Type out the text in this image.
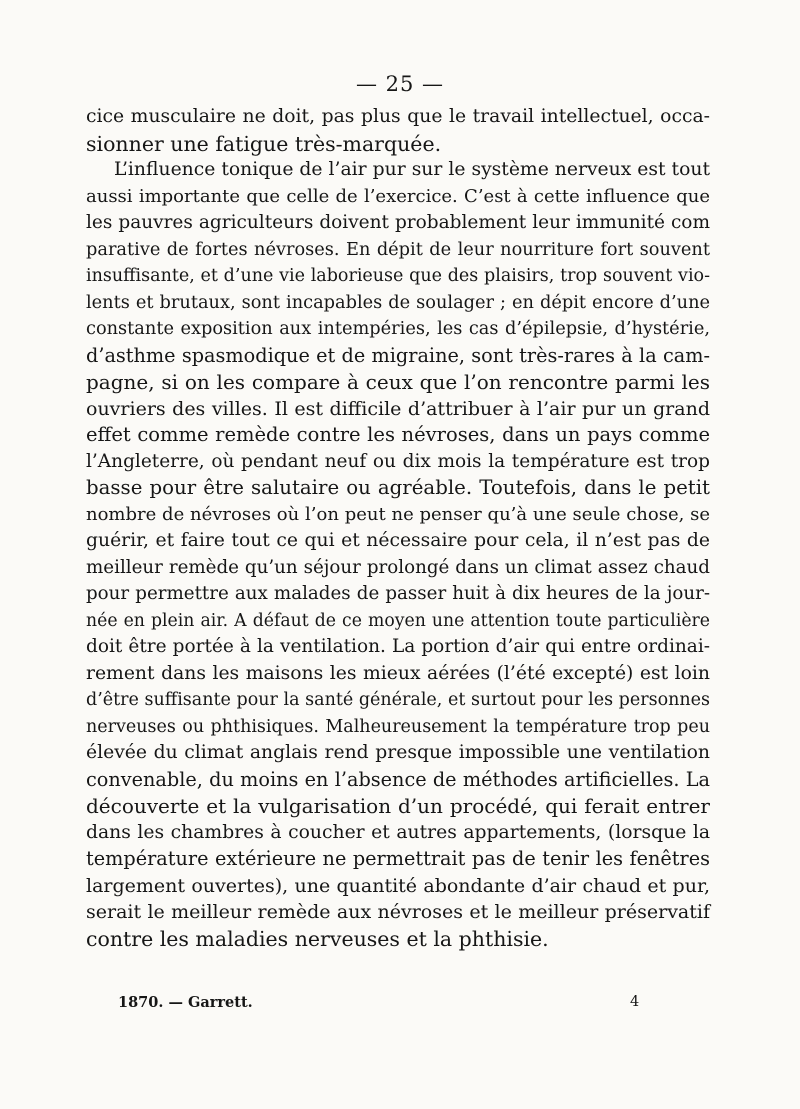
— 25 —
cice musculaire ne doit, pas plus que le travail intellectuel, occa-
sionner une fatigue très-marquée.
L’influence tonique de l’air pur sur le système nerveux est tout
aussi importante que celle de l’exercice. C’est à cette influence que
les pauvres agriculteurs doivent probablement leur immunité com
parative de fortes névroses. En dépit de leur nourriture fort souvent
insuffisante, et d’une vie laborieuse que des plaisirs, trop souvent vio-
lents et brutaux, sont incapables de soulager ; en dépit encore d’une
constante exposition aux intempéries, les cas d’épilepsie, d’hystérie,
d’asthme spasmodique et de migraine, sont très-rares à la cam-
pagne, si on les compare à ceux que l’on rencontre parmi les
ouvriers des villes. Il est difficile d’attribuer à l’air pur un grand
effet comme remède contre les névroses, dans un pays comme
l’Angleterre, où pendant neuf ou dix mois la température est trop
basse pour être salutaire ou agréable. Toutefois, dans le petit
nombre de névroses où l’on peut ne penser qu’à une seule chose, se
guérir, et faire tout ce qui et nécessaire pour cela, il n’est pas de
meilleur remède qu’un séjour prolongé dans un climat assez chaud
pour permettre aux malades de passer huit à dix heures de la jour-
née en plein air. A défaut de ce moyen une attention toute particulière
doit être portée à la ventilation. La portion d’air qui entre ordinai-
rement dans les maisons les mieux aérées (l’été excepté) est loin
d’être suffisante pour la santé générale, et surtout pour les personnes
nerveuses ou phthisiques. Malheureusement la température trop peu
élevée du climat anglais rend presque impossible une ventilation
convenable, du moins en l’absence de méthodes artificielles. La
découverte et la vulgarisation d’un procédé, qui ferait entrer
dans les chambres à coucher et autres appartements, (lorsque la
température extérieure ne permettrait pas de tenir les fenêtres
largement ouvertes), une quantité abondante d’air chaud et pur,
serait le meilleur remède aux névroses et le meilleur préservatif
contre les maladies nerveuses et la phthisie.
1870. — Garrett.	4
